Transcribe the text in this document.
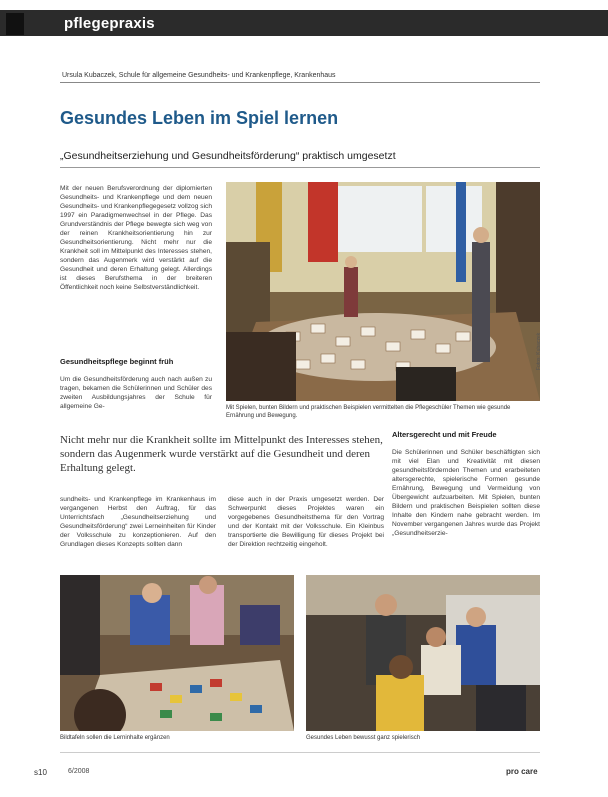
pflegepraxis
Ursula Kubaczek, Schule für allgemeine Gesundheits- und Krankenpflege, Krankenhaus
Gesundes Leben im Spiel lernen
„Gesundheitserziehung und Gesundheitsförderung“ praktisch umgesetzt
Mit der neuen Berufsverordnung der diplomierten Gesundheits- und Krankenpflege und dem neuen Gesundheits- und Krankenpflegegesetz vollzog sich 1997 ein Paradigmenwechsel in der Pflege. Das Grundverständnis der Pflege bewegte sich weg von der reinen Krankheitsorientierung hin zur Gesundheitsorientierung. Nicht mehr nur die Krankheit soll im Mittelpunkt des Interesses stehen, sondern das Augenmerk wird verstärkt auf die Gesundheit und deren Erhaltung gelegt. Allerdings ist dieses Berufsthema in der breiteren Öffentlichkeit noch keine Selbstverständlichkeit.
Gesundheitspflege beginnt früh
Um die Gesundheitsförderung auch nach außen zu tragen, bekamen die Schülerinnen und Schüler des zweiten Ausbildungsjahres der Schule für allgemeine Ge-
Fotos: Kubaczek
Mit Spielen, bunten Bildern und praktischen Beispielen vermittelten die Pflegeschüler Themen wie gesunde Ernährung und Bewegung.
Nicht mehr nur die Krankheit sollte im Mittelpunkt des Interesses stehen, sondern das Augenmerk wurde verstärkt auf die Gesundheit und deren Erhaltung gelegt.
Altersgerecht und mit Freude
Die Schülerinnen und Schüler beschäftigten sich mit viel Elan und Kreativität mit diesen gesundheitsfördernden Themen und erarbeiteten altersgerechte, spielerische Formen gesunde Ernährung, Bewegung und Vermeidung von Übergewicht aufzuarbeiten. Mit Spielen, bunten Bildern und praktischen Beispielen sollten diese Inhalte den Kindern nahe gebracht werden. Im November vergangenen Jahres wurde das Projekt „Gesundheitserzie-
sundheits- und Krankenpflege im Krankenhaus im vergangenen Herbst den Auftrag, für das Unterrichtsfach „Gesundheitserziehung und Gesundheitsförderung“ zwei Lerneinheiten für Kinder der Volksschule zu konzeptionieren. Auf den Grundlagen dieses Konzepts sollten dann
diese auch in der Praxis umgesetzt werden. Der Schwerpunkt dieses Projektes waren ein vorgegebenes Gesundheitsthema für den Vortrag und der Kontakt mit der Volksschule. Ein Kleinbus transportierte die Bewilligung für dieses Projekt bei der Direktion rechtzeitig eingeholt.
Bildtafeln sollen die Lerninhalte ergänzen	Gesundes Leben bewusst ganz spielerisch
s10	6/2008	pro care
